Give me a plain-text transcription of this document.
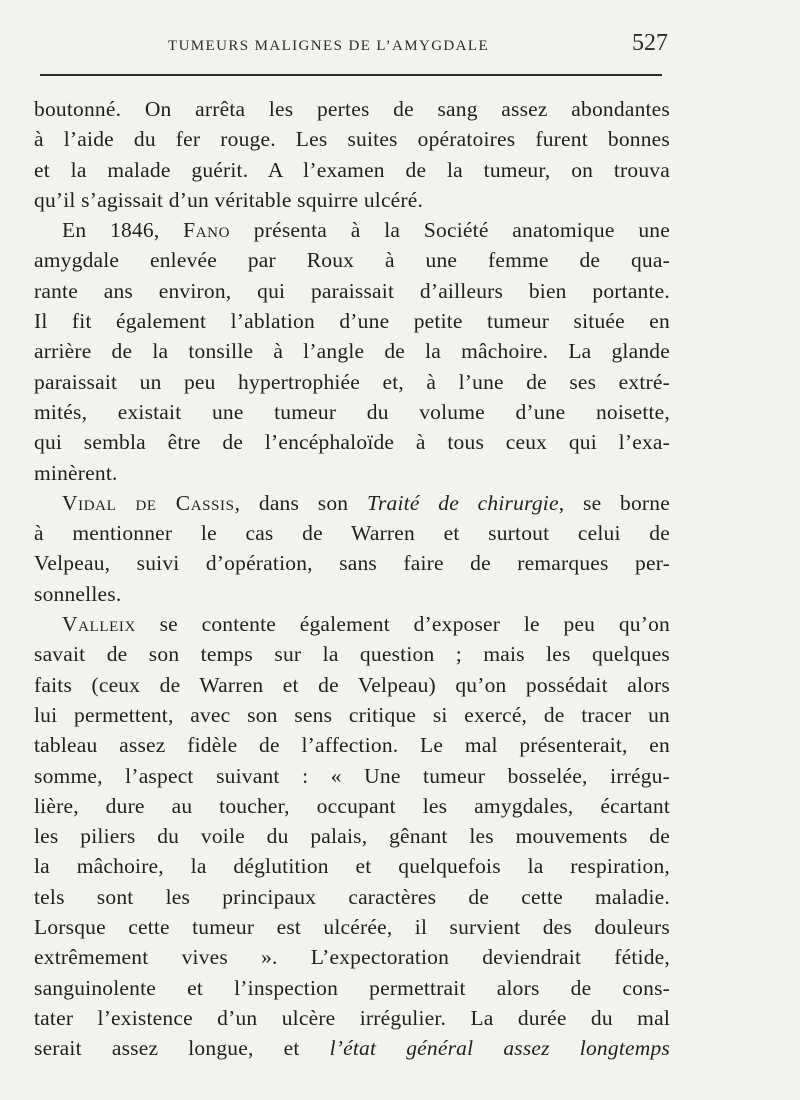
TUMEURS MALIGNES DE L’AMYGDALE	527
boutonné. On arrêta les pertes de sang assez abondantes
à l’aide du fer rouge. Les suites opératoires furent bonnes
et la malade guérit. A l’examen de la tumeur, on trouva
qu’il s’agissait d’un véritable squirre ulcéré.
En 1846, Fano présenta à la Société anatomique une
amygdale enlevée par Roux à une femme de qua-
rante ans environ, qui paraissait d’ailleurs bien portante.
Il fit également l’ablation d’une petite tumeur située en
arrière de la tonsille à l’angle de la mâchoire. La glande
paraissait un peu hypertrophiée et, à l’une de ses extré-
mités, existait une tumeur du volume d’une noisette,
qui sembla être de l’encéphaloïde à tous ceux qui l’exa-
minèrent.
Vidal de Cassis, dans son Traité de chirurgie, se borne
à mentionner le cas de Warren et surtout celui de
Velpeau, suivi d’opération, sans faire de remarques per-
sonnelles.
Valleix se contente également d’exposer le peu qu’on
savait de son temps sur la question ; mais les quelques
faits (ceux de Warren et de Velpeau) qu’on possédait alors
lui permettent, avec son sens critique si exercé, de tracer un
tableau assez fidèle de l’affection. Le mal présenterait, en
somme, l’aspect suivant : « Une tumeur bosselée, irrégu-
lière, dure au toucher, occupant les amygdales, écartant
les piliers du voile du palais, gênant les mouvements de
la mâchoire, la déglutition et quelquefois la respiration,
tels sont les principaux caractères de cette maladie.
Lorsque cette tumeur est ulcérée, il survient des douleurs
extrêmement vives ». L’expectoration deviendrait fétide,
sanguinolente et l’inspection permettrait alors de cons-
tater l’existence d’un ulcère irrégulier. La durée du mal
serait assez longue, et l’état général assez longtemps
